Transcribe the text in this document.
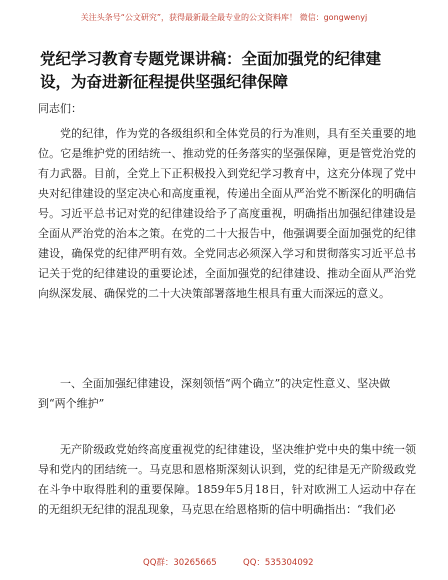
关注头条号“公文研究”，获得最新最全最专业的公文资料库！ 微信：gongwenyj
党纪学习教育专题党课讲稿：全面加强党的纪律建设，为奋进新征程提供坚强纪律保障
同志们：

党的纪律，作为党的各级组织和全体党员的行为准则，具有至关重要的地位。它是维护党的团结统一、推动党的任务落实的坚强保障，更是管党治党的有力武器。目前，全党上下正积极投入到党纪学习教育中，这充分体现了党中央对纪律建设的坚定决心和高度重视，传递出全面从严治党不断深化的明确信号。习近平总书记对党的纪律建设给予了高度重视，明确指出加强纪律建设是全面从严治党的治本之策。在党的二十大报告中，他强调要全面加强党的纪律建设，确保党的纪律严明有效。全党同志必须深入学习和贯彻落实习近平总书记关于党的纪律建设的重要论述，全面加强党的纪律建设、推动全面从严治党向纵深发展、确保党的二十大决策部署落地生根具有重大而深远的意义。

一、全面加强纪律建设，深刻领悟“两个确立”的决定性意义、坚决做到“两个维护”

无产阶级政党始终高度重视党的纪律建设，坚决维护党中央的集中统一领导和党内的团结统一。马克思和恩格斯深刻认识到，党的纪律是无产阶级政党在斗争中取得胜利的重要保障。1859年5月18日，针对欧洲工人运动中存在的无组织无纪律的混乱现象，马克思在给恩格斯的信中明确指出：“我们必

QQ群：30265665	QQ：535304092
